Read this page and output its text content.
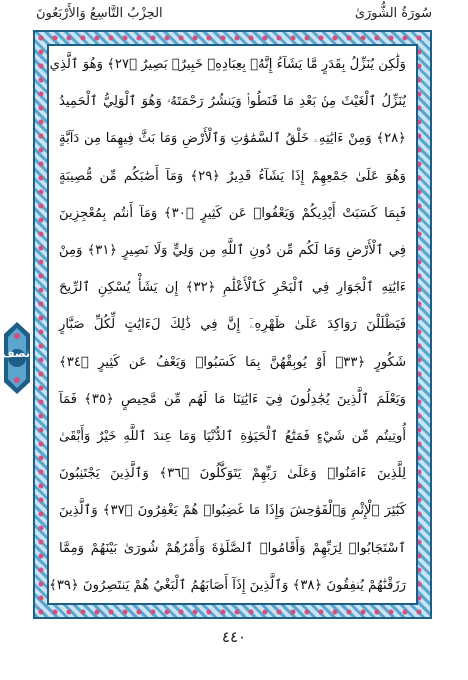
الحِزْبُ التَّاسِعُ وَالأَرْبَعُونَ	سُورَةُ الشُّورَىٰ
وَلَٰكِن يُنَزِّلُ بِقَدَرٍ مَّا يَشَآءُ إِنَّهُۥ بِعِبَادِهِۦ خَبِيرٌۢ بَصِيرٌ ﴿٢٧﴾ وَهُوَ ٱلَّذِي
يُنَزِّلُ ٱلْغَيْثَ مِنۢ بَعْدِ مَا قَنَطُوا۟ وَيَنشُرُ رَحْمَتَهُۥ وَهُوَ ٱلْوَلِيُّ ٱلْحَمِيدُ
﴿٢٨﴾ وَمِنْ ءَايَٰتِهِۦ خَلْقُ ٱلسَّمَٰوَٰتِ وَٱلْأَرْضِ وَمَا بَثَّ فِيهِمَا مِن دَآبَّةٍ
وَهُوَ عَلَىٰ جَمْعِهِمْ إِذَا يَشَآءُ قَدِيرٌ ﴿٢٩﴾ وَمَآ أَصَٰبَكُم مِّن مُّصِيبَةٍ
فَبِمَا كَسَبَتْ أَيْدِيكُمْ وَيَعْفُوا۟ عَن كَثِيرٍ ﴿٣٠﴾ وَمَآ أَنتُم بِمُعْجِزِينَ
فِي ٱلْأَرْضِ وَمَا لَكُم مِّن دُونِ ٱللَّهِ مِن وَلِيٍّ وَلَا نَصِيرٍ ﴿٣١﴾ وَمِنْ
ءَايَٰتِهِ ٱلْجَوَارِ فِي ٱلْبَحْرِ كَٱلْأَعْلَٰمِ ﴿٣٢﴾ إِن يَشَأْ يُسْكِنِ ٱلرِّيحَ
فَيَظْلَلْنَ رَوَاكِدَ عَلَىٰ ظَهْرِهِۦٓ إِنَّ فِي ذَٰلِكَ لَءَايَٰتٍ لِّكُلِّ صَبَّارٍ
شَكُورٍ ﴿٣٣﴾ أَوْ يُوبِقْهُنَّ بِمَا كَسَبُوا۟ وَيَعْفُ عَن كَثِيرٍ ﴿٣٤﴾
وَيَعْلَمَ ٱلَّذِينَ يُجَٰدِلُونَ فِيٓ ءَايَٰتِنَا مَا لَهُم مِّن مَّحِيصٍ ﴿٣٥﴾ فَمَآ
أُوتِيتُم مِّن شَيْءٍ فَمَتَٰعُ ٱلْحَيَوٰةِ ٱلدُّنْيَا وَمَا عِندَ ٱللَّهِ خَيْرٌ وَأَبْقَىٰ
لِلَّذِينَ ءَامَنُوا۟ وَعَلَىٰ رَبِّهِمْ يَتَوَكَّلُونَ ﴿٣٦﴾ وَٱلَّذِينَ يَجْتَنِبُونَ
كَبَٰٓئِرَ ٱلْإِثْمِ وَٱلْفَوَٰحِشَ وَإِذَا مَا غَضِبُوا۟ هُمْ يَغْفِرُونَ ﴿٣٧﴾ وَٱلَّذِينَ
ٱسْتَجَابُوا۟ لِرَبِّهِمْ وَأَقَامُوا۟ ٱلصَّلَوٰةَ وَأَمْرُهُمْ شُورَىٰ بَيْنَهُمْ وَمِمَّا
رَزَقْنَٰهُمْ يُنفِقُونَ ﴿٣٨﴾ وَٱلَّذِينَ إِذَآ أَصَابَهُمُ ٱلْبَغْيُ هُمْ يَنتَصِرُونَ ﴿٣٩﴾
نصف
٤٤٠
